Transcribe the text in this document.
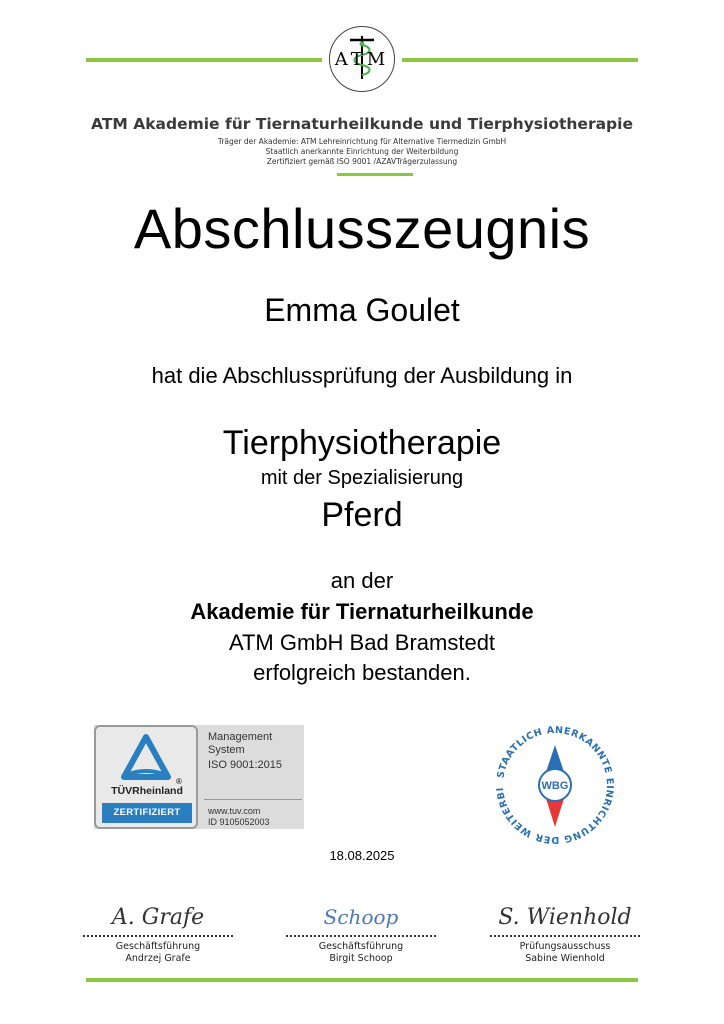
ATM
ATM Akademie für Tiernaturheilkunde und Tierphysiotherapie
Träger der Akademie: ATM Lehreinrichtung für Alternative Tiermedizin GmbH
Staatlich anerkannte Einrichtung der Weiterbildung
Zertifiziert gemäß ISO 9001 /AZAVTrägerzulassung
Abschlusszeugnis
Emma Goulet
hat die Abschlussprüfung der Ausbildung in
Tierphysiotherapie
mit der Spezialisierung
Pferd
an der
Akademie für Tiernaturheilkunde
ATM GmbH Bad Bramstedt
erfolgreich bestanden.
®
TÜVRheinland
ZERTIFIZIERT
Management
System
ISO 9001:2015
www.tuv.com
ID 9105052003
STAATLICH ANERKANNTE EINRICHTUNG DER WEITERBI	WBG
18.08.2025
A. Grafe
Geschäftsführung
Andrzej Grafe
Schoop
Geschäftsführung
Birgit Schoop
S. Wienhold
Prüfungsausschuss
Sabine Wienhold
